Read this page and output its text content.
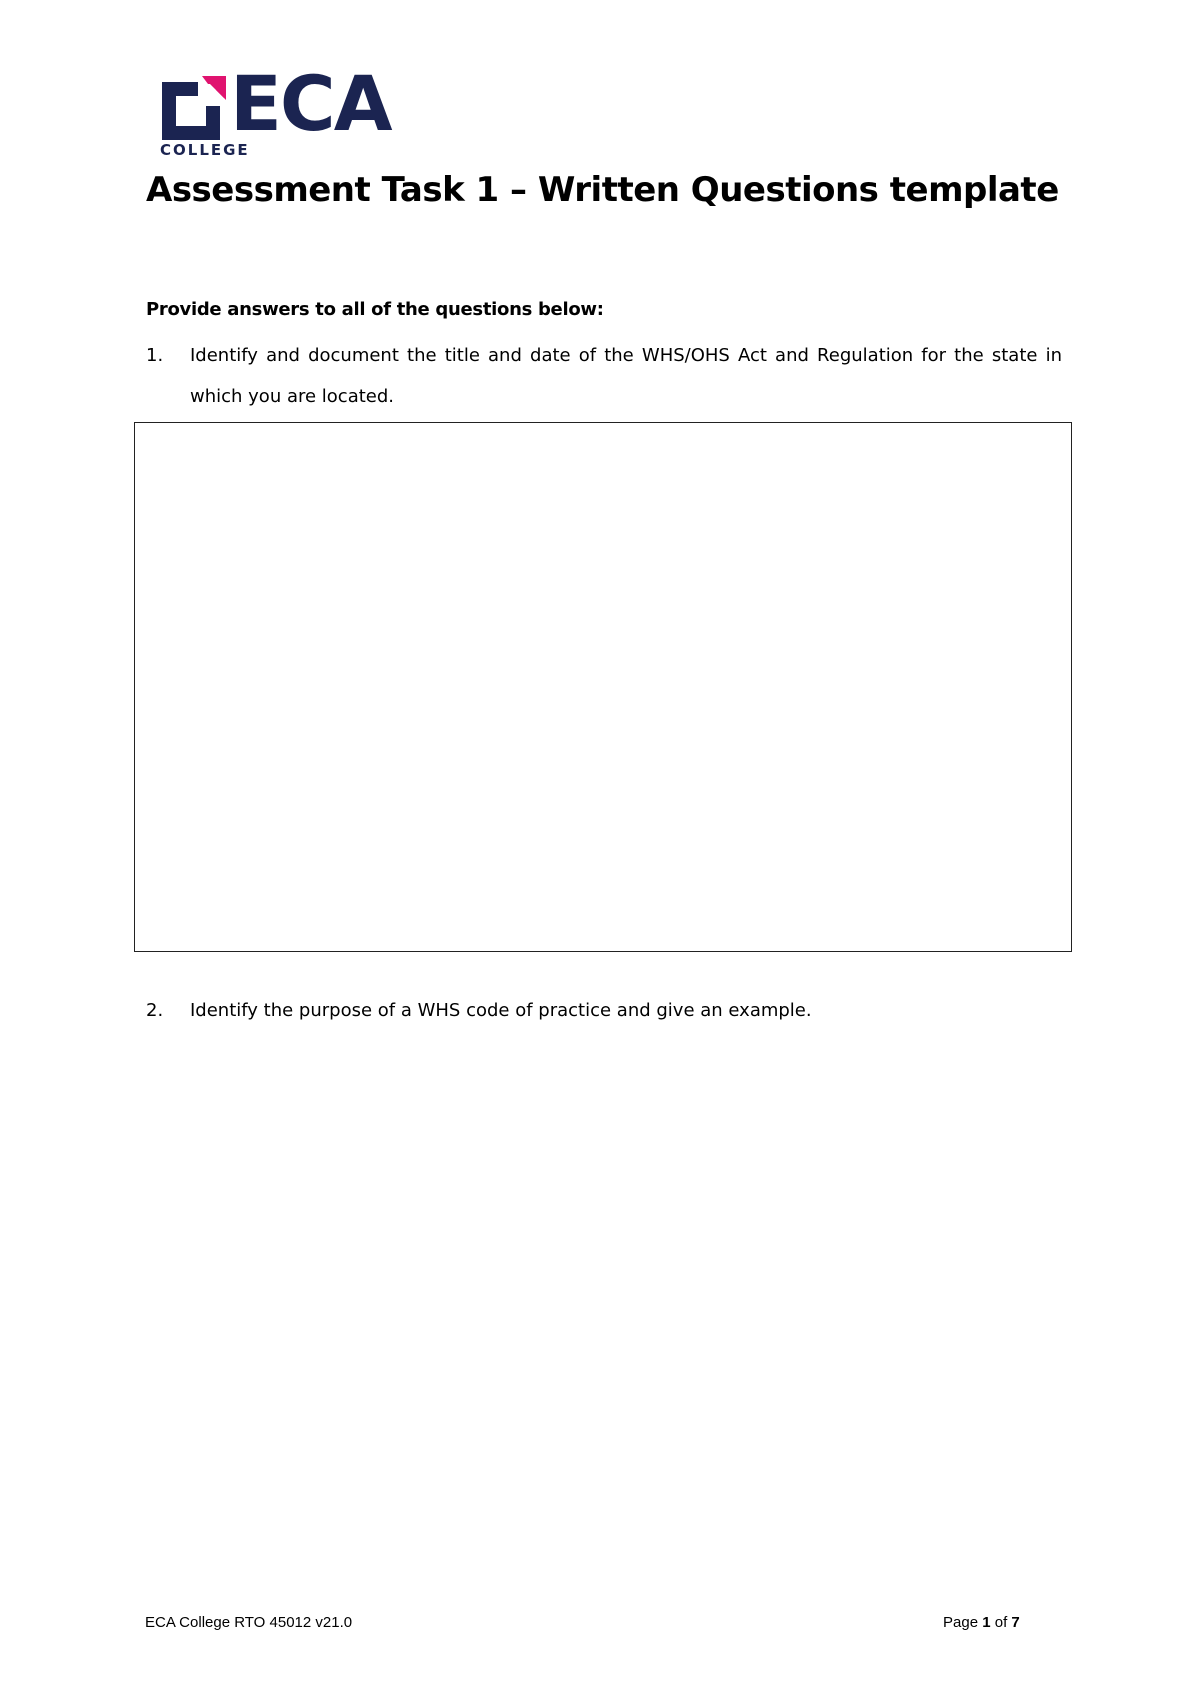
ECA
COLLEGE
Assessment Task 1 – Written Questions template
Provide answers to all of the questions below:
1. Identify and document the title and date of the WHS/OHS Act and Regulation for the state in which you are located.
2. Identify the purpose of a WHS code of practice and give an example.
ECA College RTO 45012 v21.0	Page 1 of 7
